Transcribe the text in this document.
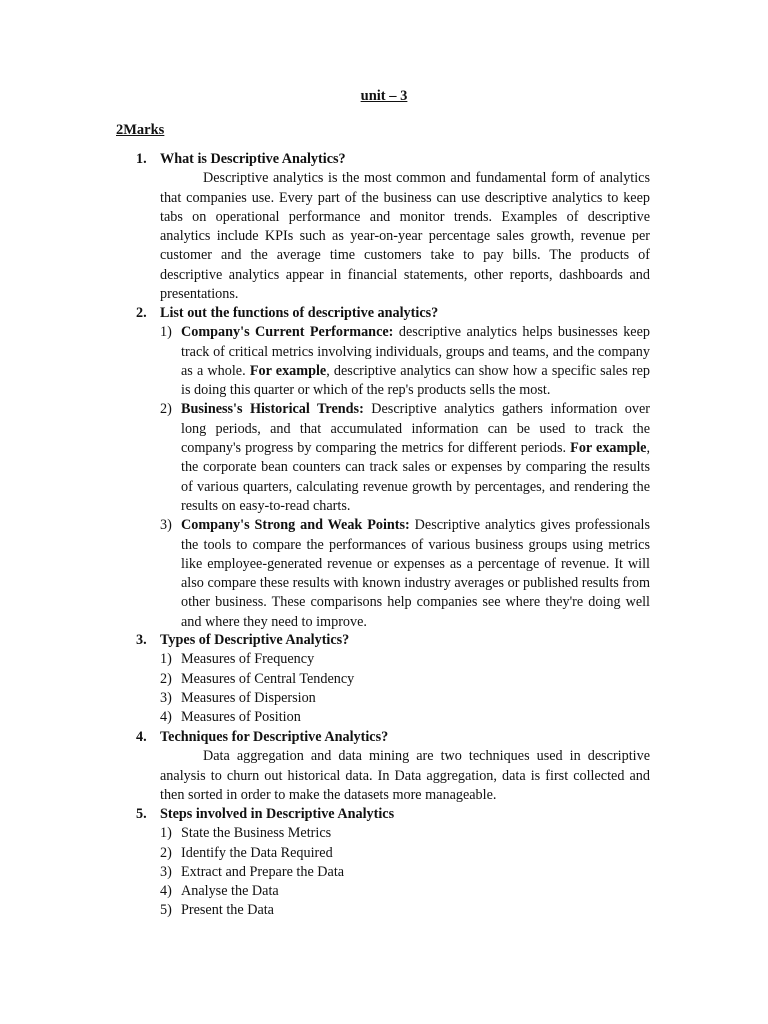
unit – 3
2Marks
1. What is Descriptive Analytics?
Descriptive analytics is the most common and fundamental form of analytics that companies use. Every part of the business can use descriptive analytics to keep tabs on operational performance and monitor trends. Examples of descriptive analytics include KPIs such as year-on-year percentage sales growth, revenue per customer and the average time customers take to pay bills. The products of descriptive analytics appear in financial statements, other reports, dashboards and presentations.
2. List out the functions of descriptive analytics?
1) Company's Current Performance: descriptive analytics helps businesses keep track of critical metrics involving individuals, groups and teams, and the company as a whole. For example, descriptive analytics can show how a specific sales rep is doing this quarter or which of the rep's products sells the most.
2) Business's Historical Trends: Descriptive analytics gathers information over long periods, and that accumulated information can be used to track the company's progress by comparing the metrics for different periods. For example, the corporate bean counters can track sales or expenses by comparing the results of various quarters, calculating revenue growth by percentages, and rendering the results on easy-to-read charts.
3) Company's Strong and Weak Points: Descriptive analytics gives professionals the tools to compare the performances of various business groups using metrics like employee-generated revenue or expenses as a percentage of revenue. It will also compare these results with known industry averages or published results from other business. These comparisons help companies see where they're doing well and where they need to improve.
3. Types of Descriptive Analytics?
1) Measures of Frequency
2) Measures of Central Tendency
3) Measures of Dispersion
4) Measures of Position
4. Techniques for Descriptive Analytics?
Data aggregation and data mining are two techniques used in descriptive analysis to churn out historical data. In Data aggregation, data is first collected and then sorted in order to make the datasets more manageable.
5. Steps involved in Descriptive Analytics
1) State the Business Metrics
2) Identify the Data Required
3) Extract and Prepare the Data
4) Analyse the Data
5) Present the Data
